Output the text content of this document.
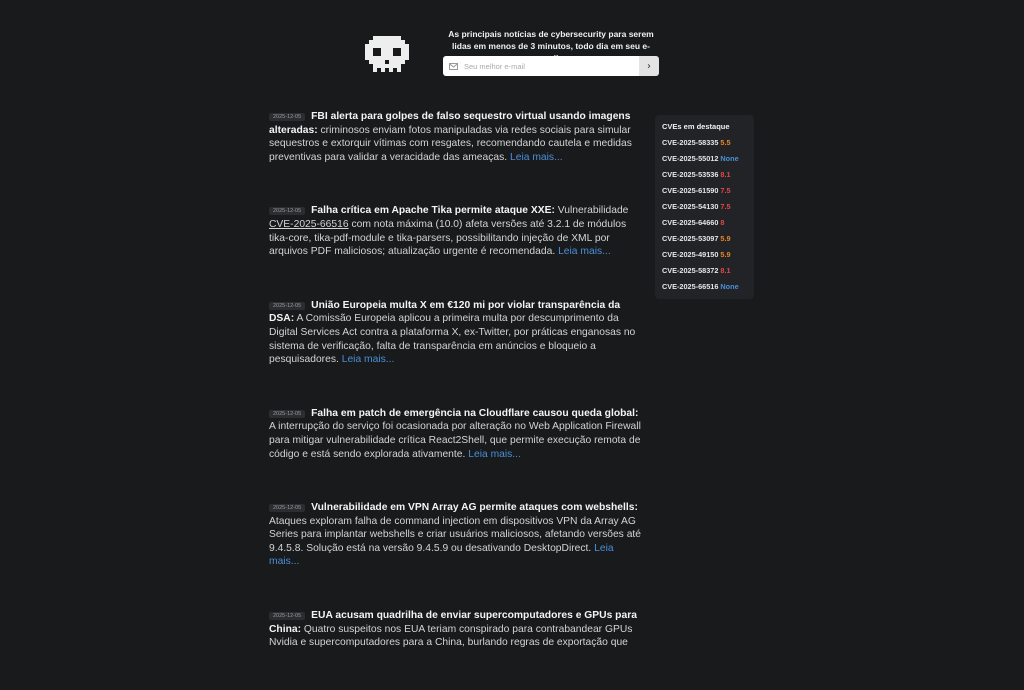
As principais notícias de cybersecurity para serem lidas em menos de 3 minutos, todo dia em seu e-
Seu melhor e-mail
›
2025-12-05 FBI alerta para golpes de falso sequestro virtual usando imagens alteradas: criminosos enviam fotos manipuladas via redes sociais para simular sequestros e extorquir vítimas com resgates, recomendando cautela e medidas preventivas para validar a veracidade das ameaças. Leia mais...
2025-12-05 Falha crítica em Apache Tika permite ataque XXE: Vulnerabilidade CVE-2025-66516 com nota máxima (10.0) afeta versões até 3.2.1 de módulos tika-core, tika-pdf-module e tika-parsers, possibilitando injeção de XML por arquivos PDF maliciosos; atualização urgente é recomendada. Leia mais...
2025-12-05 União Europeia multa X em €120 mi por violar transparência da DSA: A Comissão Europeia aplicou a primeira multa por descumprimento da Digital Services Act contra a plataforma X, ex-Twitter, por práticas enganosas no sistema de verificação, falta de transparência em anúncios e bloqueio a pesquisadores. Leia mais...
2025-12-05 Falha em patch de emergência na Cloudflare causou queda global: A interrupção do serviço foi ocasionada por alteração no Web Application Firewall para mitigar vulnerabilidade crítica React2Shell, que permite execução remota de código e está sendo explorada ativamente. Leia mais...
2025-12-05 Vulnerabilidade em VPN Array AG permite ataques com webshells: Ataques exploram falha de command injection em dispositivos VPN da Array AG Series para implantar webshells e criar usuários maliciosos, afetando versões até 9.4.5.8. Solução está na versão 9.4.5.9 ou desativando DesktopDirect. Leia mais...
2025-12-05 EUA acusam quadrilha de enviar supercomputadores e GPUs para China: Quatro suspeitos nos EUA teriam conspirado para contrabandear GPUs Nvidia e supercomputadores para a China, burlando regras de exportação que
CVEs em destaque
CVE-2025-58335 5.5
CVE-2025-55012 None
CVE-2025-53536 8.1
CVE-2025-61590 7.5
CVE-2025-54130 7.5
CVE-2025-64660 8
CVE-2025-53097 5.9
CVE-2025-49150 5.9
CVE-2025-58372 8.1
CVE-2025-66516 None
